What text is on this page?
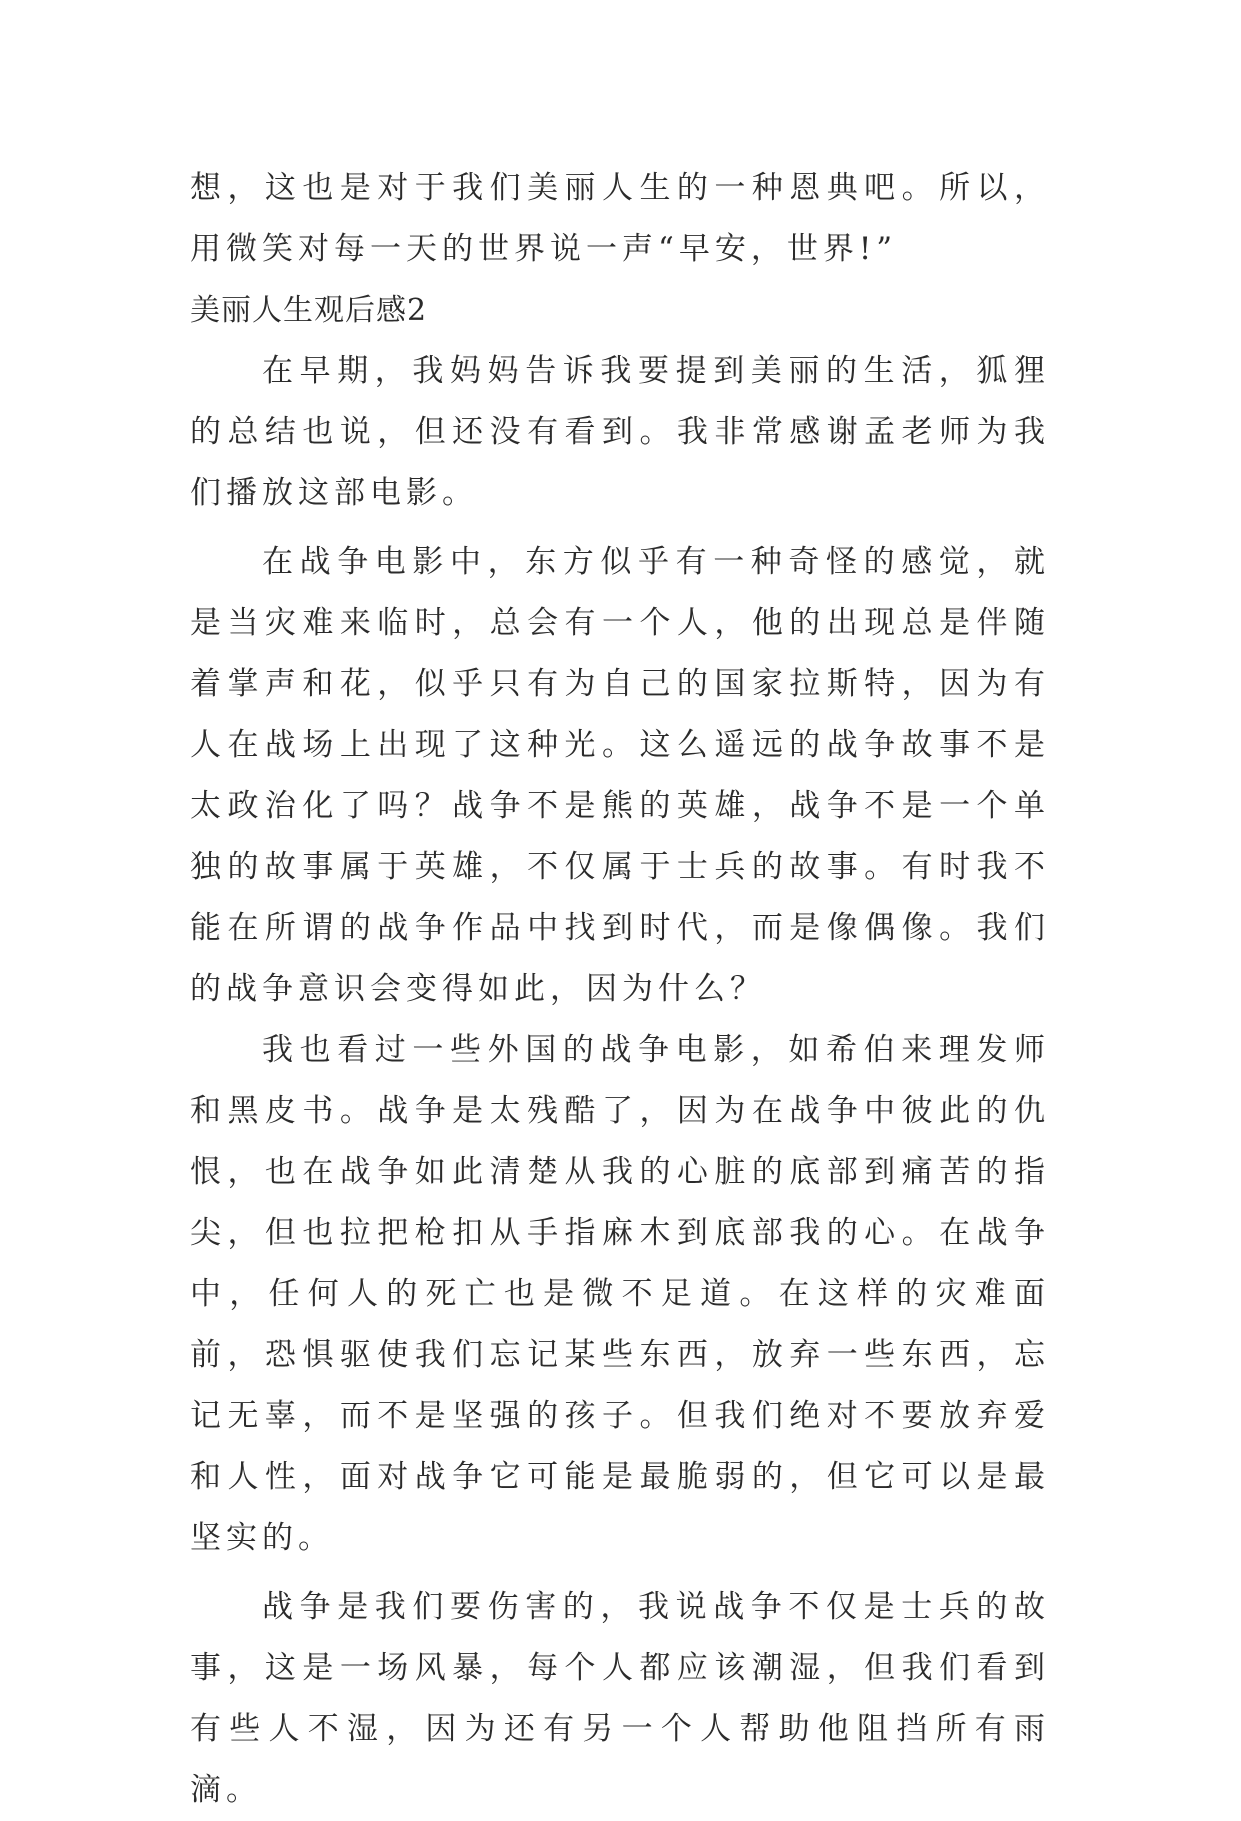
想，这也是对于我们美丽人生的一种恩典吧。所以，用微笑对每一天的世界说一声“早安，世界!”

美丽人生观后感2

在早期，我妈妈告诉我要提到美丽的生活，狐狸的总结也说，但还没有看到。我非常感谢孟老师为我们播放这部电影。

在战争电影中，东方似乎有一种奇怪的感觉，就是当灾难来临时，总会有一个人，他的出现总是伴随着掌声和花，似乎只有为自己的国家拉斯特，因为有人在战场上出现了这种光。这么遥远的战争故事不是太政治化了吗？战争不是熊的英雄，战争不是一个单独的故事属于英雄，不仅属于士兵的故事。有时我不能在所谓的战争作品中找到时代，而是像偶像。我们的战争意识会变得如此，因为什么？

我也看过一些外国的战争电影，如希伯来理发师和黑皮书。战争是太残酷了，因为在战争中彼此的仇恨，也在战争如此清楚从我的心脏的底部到痛苦的指尖，但也拉把枪扣从手指麻木到底部我的心。在战争中，任何人的死亡也是微不足道。在这样的灾难面前，恐惧驱使我们忘记某些东西，放弃一些东西，忘记无辜，而不是坚强的孩子。但我们绝对不要放弃爱和人性，面对战争它可能是最脆弱的，但它可以是最坚实的。

战争是我们要伤害的，我说战争不仅是士兵的故事，这是一场风暴，每个人都应该潮湿，但我们看到有些人不湿，因为还有另一个人帮助他阻挡所有雨滴。
